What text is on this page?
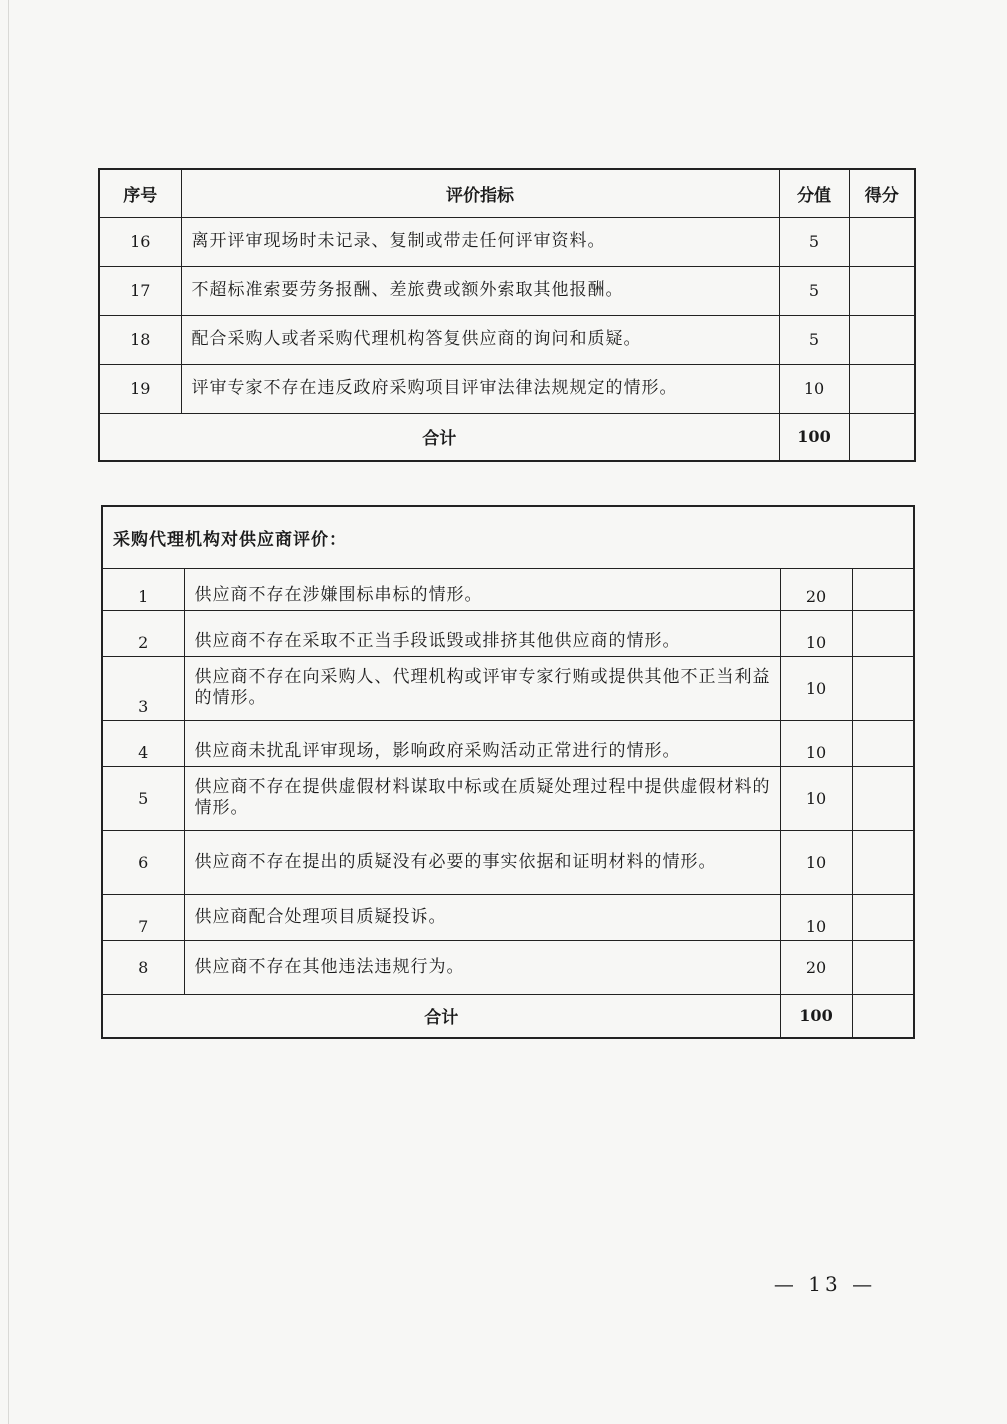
序号	评价指标	分值	得分
16	离开评审现场时未记录、复制或带走任何评审资料。	5	
17	不超标准索要劳务报酬、差旅费或额外索取其他报酬。	5	
18	配合采购人或者采购代理机构答复供应商的询问和质疑。	5	
19	评审专家不存在违反政府采购项目评审法律法规规定的情形。	10	
合计		100	
采购代理机构对供应商评价：			
1	供应商不存在涉嫌围标串标的情形。	20	
2	供应商不存在采取不正当手段诋毁或排挤其他供应商的情形。	10	
3	供应商不存在向采购人、代理机构或评审专家行贿或提供其他不正当利益的情形。	10	
4	供应商未扰乱评审现场，影响政府采购活动正常进行的情形。	10	
5	供应商不存在提供虚假材料谋取中标或在质疑处理过程中提供虚假材料的情形。	10	
6	供应商不存在提出的质疑没有必要的事实依据和证明材料的情形。	10	
7	供应商配合处理项目质疑投诉。	10	
8	供应商不存在其他违法违规行为。	20	
合计		100	
— 13 —
